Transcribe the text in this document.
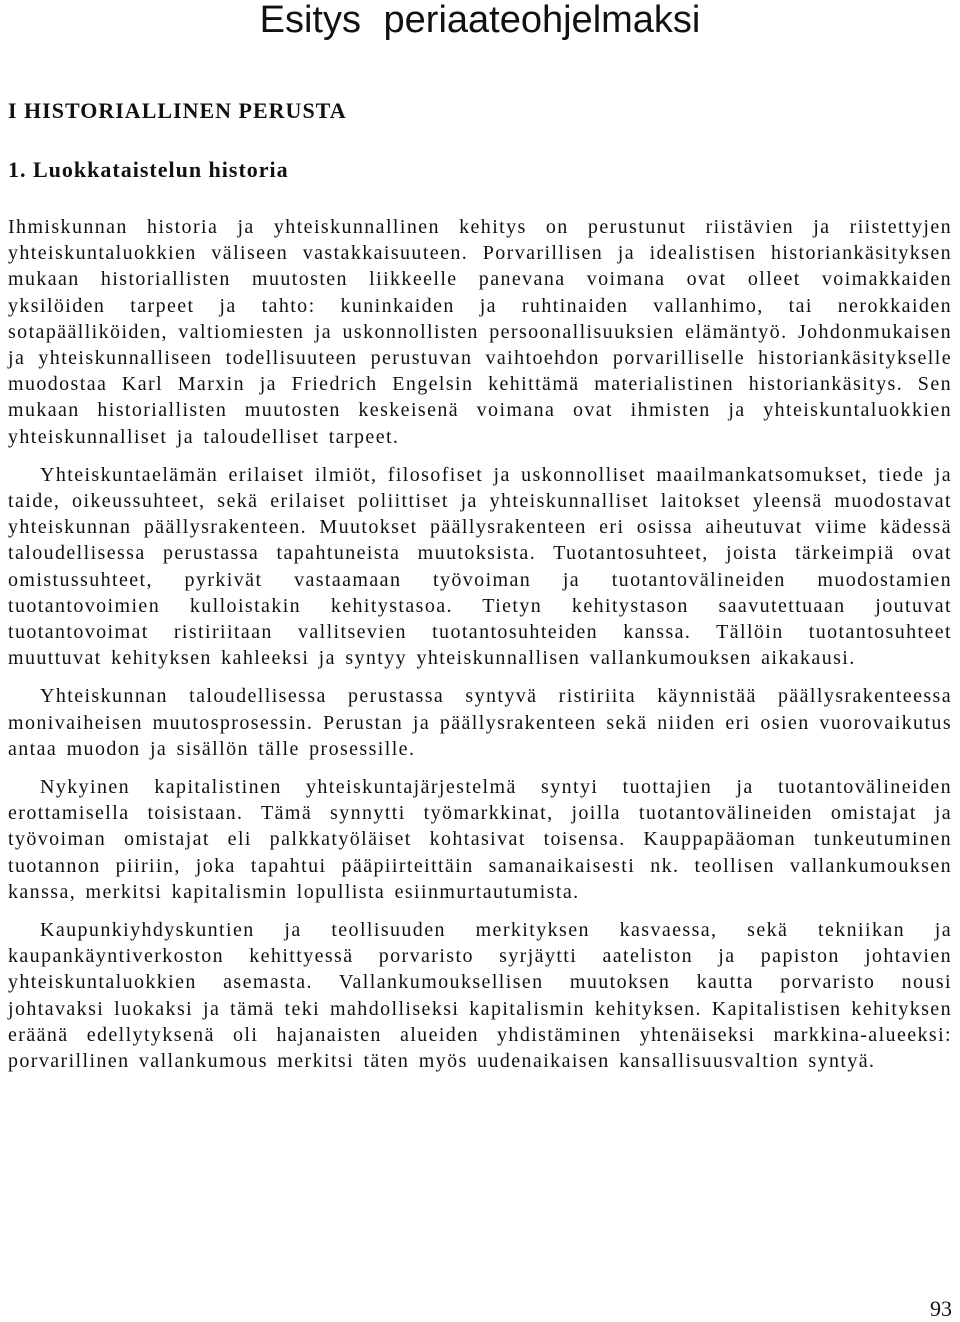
Esitys periaateohjelmaksi
I HISTORIALLINEN PERUSTA
1. Luokkataistelun historia

Ihmiskunnan historia ja yhteiskunnallinen kehitys on perustunut riistävien ja riistettyjen yhteiskuntaluokkien väliseen vastakkaisuuteen. Porvarillisen ja idealistisen historiankäsityksen mukaan historiallisten muutosten liikkeelle panevana voimana ovat olleet voimakkaiden yksilöiden tarpeet ja tahto: kuninkaiden ja ruhtinaiden vallanhimo, tai nerokkaiden sotapäälliköiden, valtiomiesten ja uskonnollisten persoonallisuuksien elämäntyö. Johdonmukaisen ja yhteiskunnalliseen todellisuuteen perustuvan vaihtoehdon porvarilliselle historiankäsitykselle muodostaa Karl Marxin ja Friedrich Engelsin kehittämä materialistinen historiankäsitys. Sen mukaan historiallisten muutosten keskeisenä voimana ovat ihmisten ja yhteiskuntaluokkien yhteiskunnalliset ja taloudelliset tarpeet.

Yhteiskuntaelämän erilaiset ilmiöt, filosofiset ja uskonnolliset maailmankatsomukset, tiede ja taide, oikeussuhteet, sekä erilaiset poliittiset ja yhteiskunnalliset laitokset yleensä muodostavat yhteiskunnan päällysrakenteen. Muutokset päällysrakenteen eri osissa aiheutuvat viime kädessä taloudellisessa perustassa tapahtuneista muutoksista. Tuotantosuhteet, joista tärkeimpiä ovat omistussuhteet, pyrkivät vastaamaan työvoiman ja tuotantovälineiden muodostamien tuotantovoimien kulloistakin kehitystasoa. Tietyn kehitystason saavutettuaan joutuvat tuotantovoimat ristiriitaan vallitsevien tuotantosuhteiden kanssa. Tällöin tuotantosuhteet muuttuvat kehityksen kahleeksi ja syntyy yhteiskunnallisen vallankumouksen aikakausi.

Yhteiskunnan taloudellisessa perustassa syntyvä ristiriita käynnistää päällysrakenteessa monivaiheisen muutosprosessin. Perustan ja päällysrakenteen sekä niiden eri osien vuorovaikutus antaa muodon ja sisällön tälle prosessille.

Nykyinen kapitalistinen yhteiskuntajärjestelmä syntyi tuottajien ja tuotantovälineiden erottamisella toisistaan. Tämä synnytti työmarkkinat, joilla tuotantovälineiden omistajat ja työvoiman omistajat eli palkkatyöläiset kohtasivat toisensa. Kauppapääoman tunkeutuminen tuotannon piiriin, joka tapahtui pääpiirteittäin samanaikaisesti nk. teollisen vallankumouksen kanssa, merkitsi kapitalismin lopullista esiinmurtautumista.

Kaupunkiyhdyskuntien ja teollisuuden merkityksen kasvaessa, sekä tekniikan ja kaupankäyntiverkoston kehittyessä porvaristo syrjäytti aateliston ja papiston johtavien yhteiskuntaluokkien asemasta. Vallankumouksellisen muutoksen kautta porvaristo nousi johtavaksi luokaksi ja tämä teki mahdolliseksi kapitalismin kehityksen. Kapitalistisen kehityksen eräänä edellytyksenä oli hajanaisten alueiden yhdistäminen yhtenäiseksi markkina-alueeksi: porvarillinen vallankumous merkitsi täten myös uudenaikaisen kansallisuusvaltion syntyä.

93
